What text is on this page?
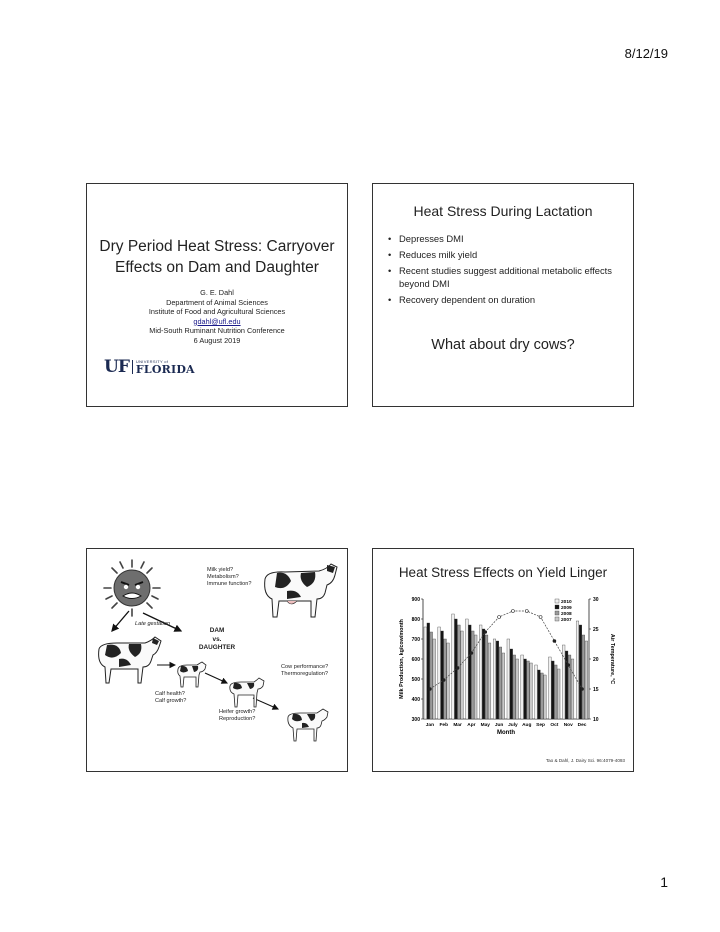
8/12/19
Dry Period Heat Stress: Carryover
Effects on Dam and Daughter
G. E. Dahl
Department of Animal Sciences
Institute of Food and Agricultural Sciences
gdahl@ufl.edu
Mid-South Ruminant Nutrition Conference
6 August 2019
UF UNIVERSITY of
FLORIDA
Heat Stress During Lactation
• Depresses DMI
• Reduces milk yield
• Recent studies suggest additional metabolic effects beyond DMI
• Recovery dependent on duration
What about dry cows?
Milk yield?
Metabolism?
Immune function?
Late gestation
DAM
vs.
DAUGHTER
Cow performance?
Thermoregulation?
Calf health?
Calf growth?
Heifer growth?
Reproduction?
Heat Stress Effects on Yield Linger
300
400
500
600
700
800
900
10
15
20
25
30
Jan Feb Mar Apr May Jun July Aug Sep Oct Nov Dec
2010
2009
2008
2007
Month
Milk Production, kg/cow/month	Air Temperature, °C
Tao & Dahl, J. Dairy Sci. 96:4079-4093
1
